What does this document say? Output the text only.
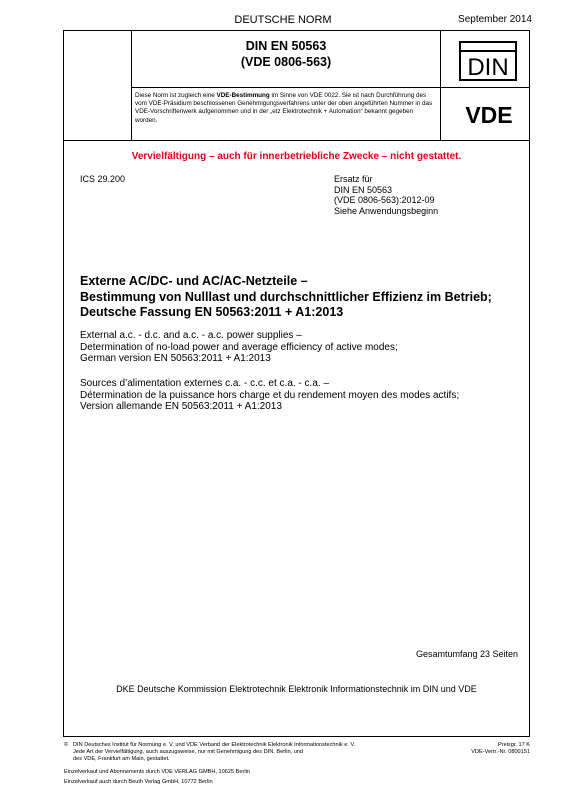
DEUTSCHE NORM	September 2014
DIN EN 50563
(VDE 0806-563)	DIN
VDE
Diese Norm ist zugleich eine VDE-Bestimmung im Sinne von VDE 0022. Sie ist nach Durchführung des vom VDE-Präsidium beschlossenen Genehmigungsverfahrens unter der oben angeführten Nummer in das VDE-Vorschriftenwerk aufgenommen und in der „etz Elektrotechnik + Automation“ bekannt gegeben worden.
Vervielfältigung – auch für innerbetriebliche Zwecke – nicht gestattet.
ICS 29.200	Ersatz für
DIN EN 50563
(VDE 0806-563):2012-09
Siehe Anwendungsbeginn
Externe AC/DC- und AC/AC-Netzteile –
Bestimmung von Nulllast und durchschnittlicher Effizienz im Betrieb;
Deutsche Fassung EN 50563:2011 + A1:2013
External a.c. - d.c. and a.c. - a.c. power supplies –
Determination of no-load power and average efficiency of active modes;
German version EN 50563:2011 + A1:2013
Sources d’alimentation externes c.a. - c.c. et c.a. - c.a. –
Détermination de la puissance hors charge et du rendement moyen des modes actifs;
Version allemande EN 50563:2011 + A1:2013
Gesamtumfang 23 Seiten
DKE Deutsche Kommission Elektrotechnik Elektronik Informationstechnik im DIN und VDE
© DIN Deutsches Institut für Normung e. V. und VDE Verband der Elektrotechnik Elektronik Informationstechnik e. V.
Jede Art der Vervielfältigung, auch auszugsweise, nur mit Genehmigung des DIN, Berlin, und
des VDE, Frankfurt am Main, gestattet.
Preisgr. 17 K
VDE-Vertr.-Nr. 0800151
Einzelverkauf und Abonnements durch VDE VERLAG GMBH, 10625 Berlin
Einzelverkauf auch durch Beuth Verlag GmbH, 10772 Berlin
